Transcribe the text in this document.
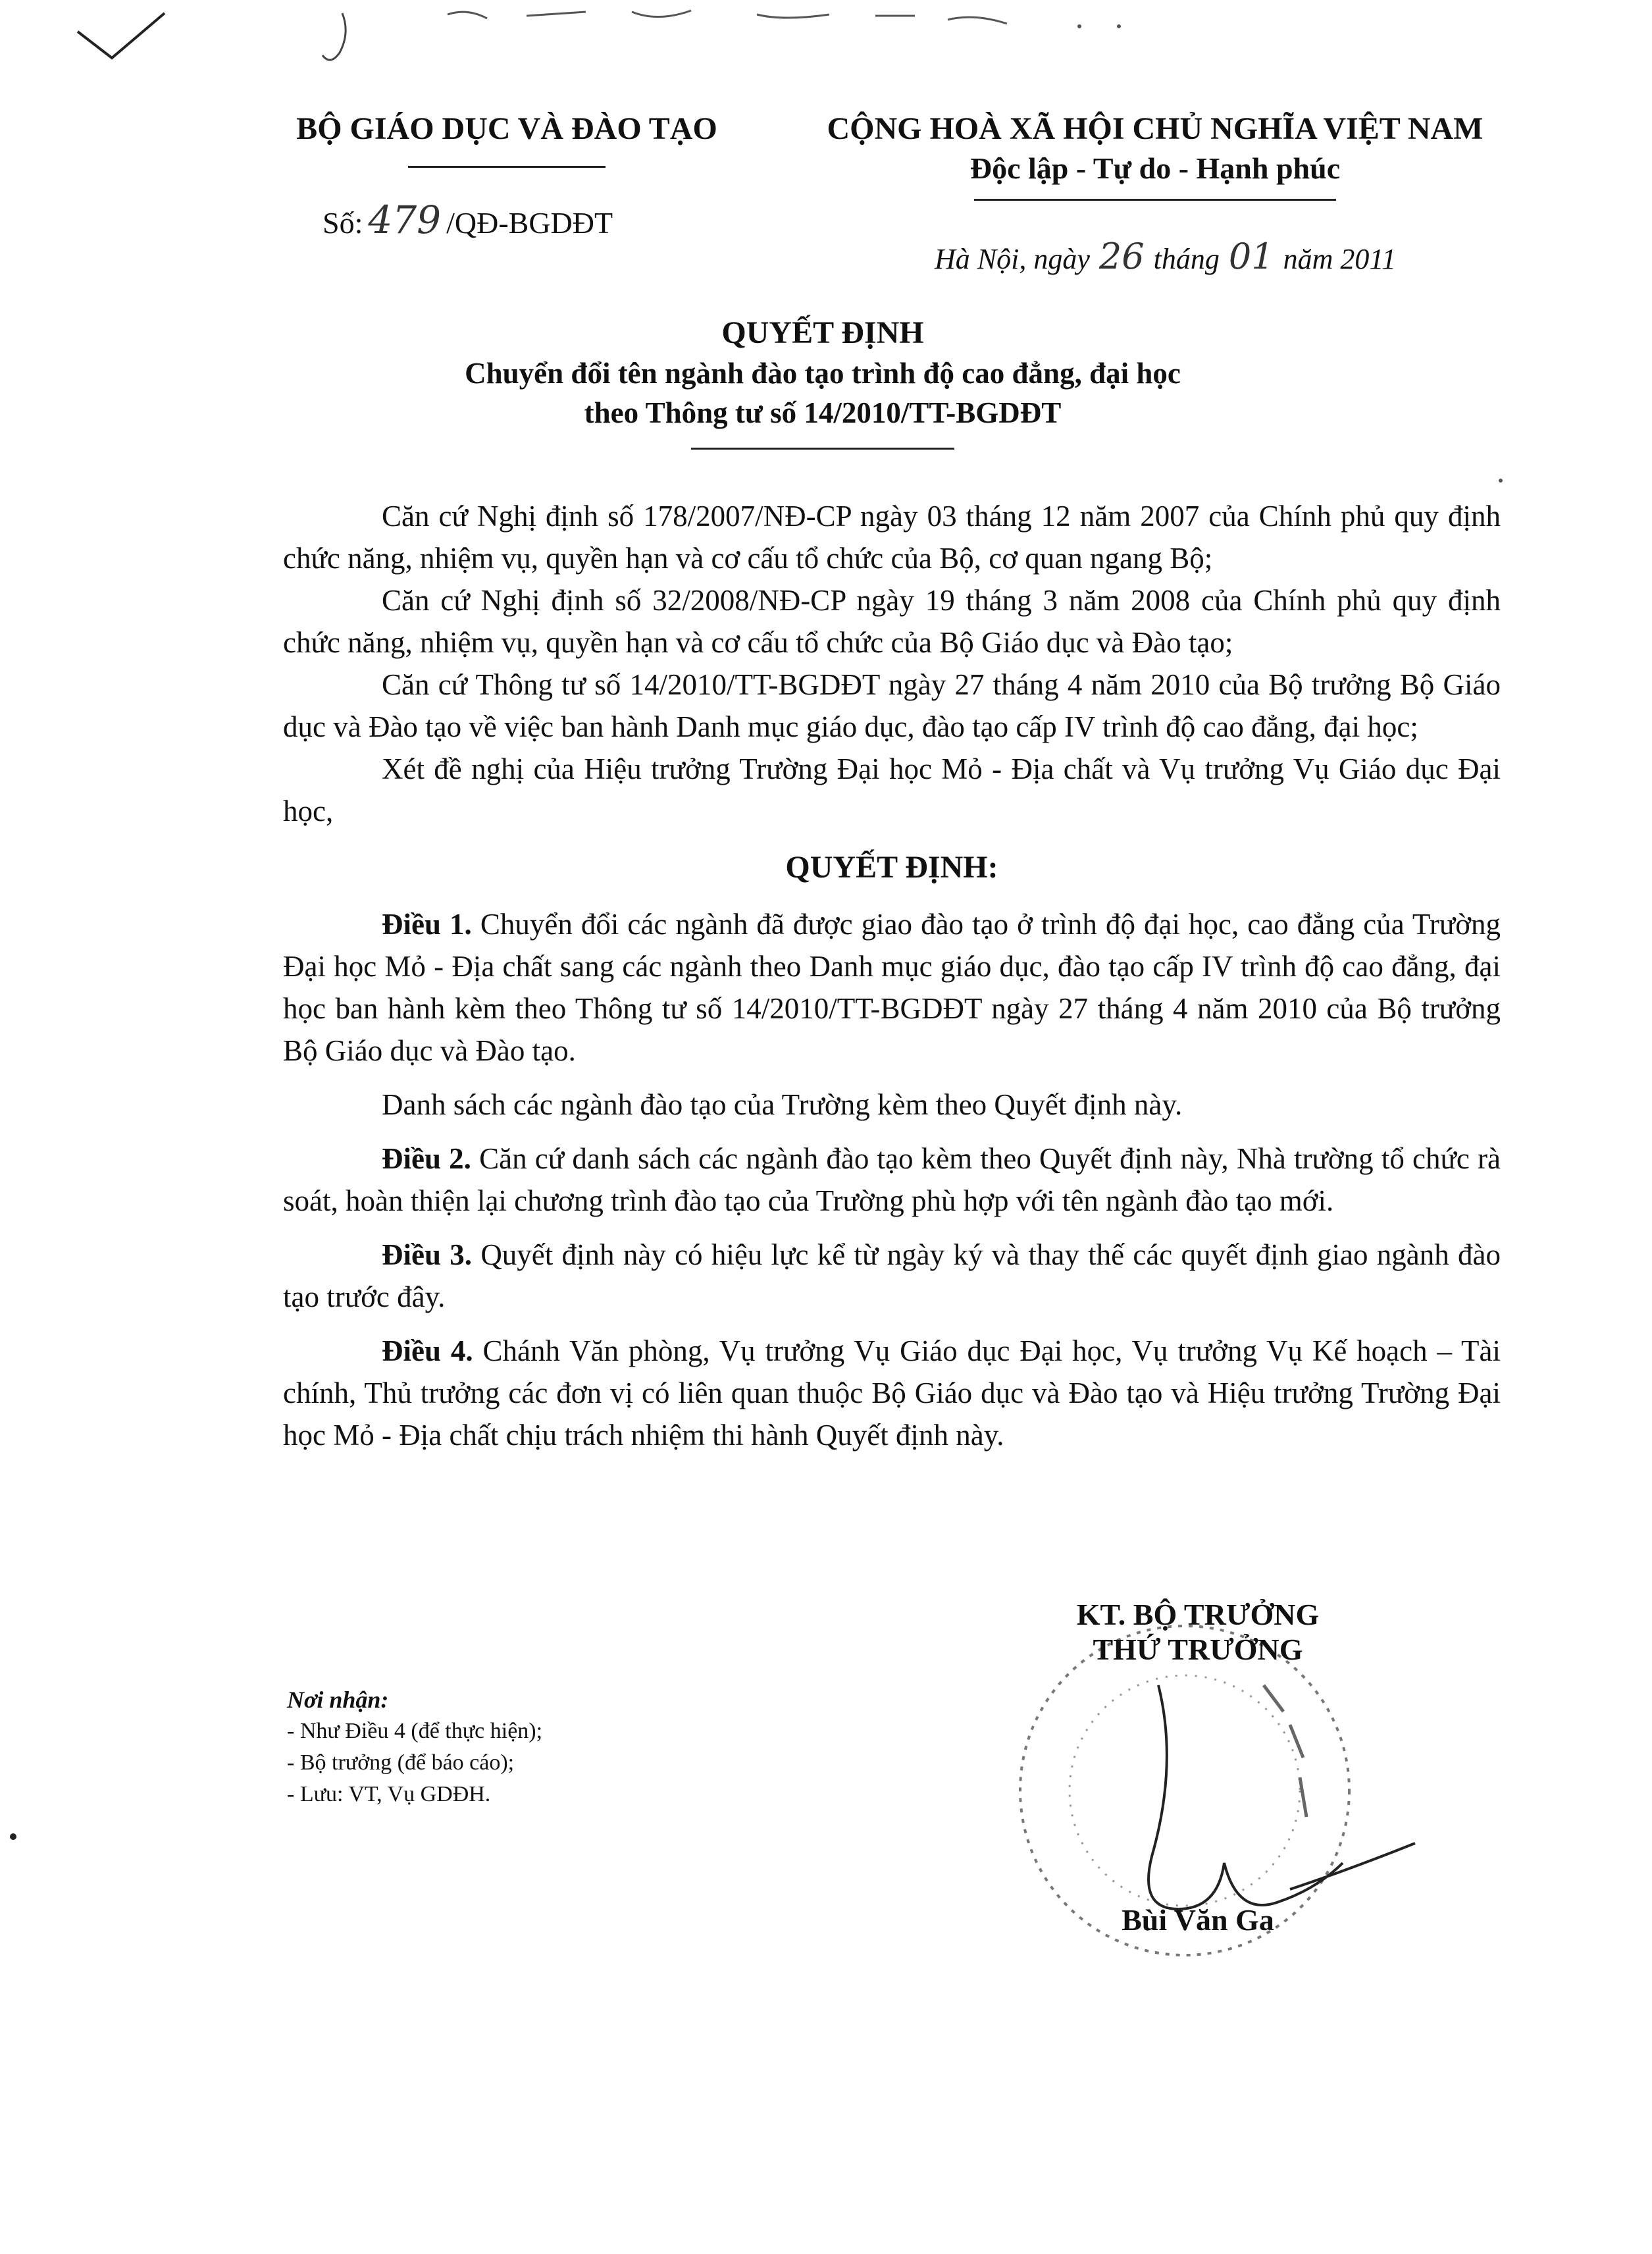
BỘ GIÁO DỤC VÀ ĐÀO TẠO
Số: 479 /QĐ-BGDĐT
CỘNG HOÀ XÃ HỘI CHỦ NGHĨA VIỆT NAM
Độc lập - Tự do - Hạnh phúc
Hà Nội, ngày 26 tháng 01 năm 2011
QUYẾT ĐỊNH
Chuyển đổi tên ngành đào tạo trình độ cao đẳng, đại học
theo Thông tư số 14/2010/TT-BGDĐT

Căn cứ Nghị định số 178/2007/NĐ-CP ngày 03 tháng 12 năm 2007 của Chính phủ quy định chức năng, nhiệm vụ, quyền hạn và cơ cấu tổ chức của Bộ, cơ quan ngang Bộ;

Căn cứ Nghị định số 32/2008/NĐ-CP ngày 19 tháng 3 năm 2008 của Chính phủ quy định chức năng, nhiệm vụ, quyền hạn và cơ cấu tổ chức của Bộ Giáo dục và Đào tạo;

Căn cứ Thông tư số 14/2010/TT-BGDĐT ngày 27 tháng 4 năm 2010 của Bộ trưởng Bộ Giáo dục và Đào tạo về việc ban hành Danh mục giáo dục, đào tạo cấp IV trình độ cao đẳng, đại học;

Xét đề nghị của Hiệu trưởng Trường Đại học Mỏ - Địa chất và Vụ trưởng Vụ Giáo dục Đại học,

QUYẾT ĐỊNH:

Điều 1. Chuyển đổi các ngành đã được giao đào tạo ở trình độ đại học, cao đẳng của Trường Đại học Mỏ - Địa chất sang các ngành theo Danh mục giáo dục, đào tạo cấp IV trình độ cao đẳng, đại học ban hành kèm theo Thông tư số 14/2010/TT-BGDĐT ngày 27 tháng 4 năm 2010 của Bộ trưởng Bộ Giáo dục và Đào tạo.

Danh sách các ngành đào tạo của Trường kèm theo Quyết định này.

Điều 2. Căn cứ danh sách các ngành đào tạo kèm theo Quyết định này, Nhà trường tổ chức rà soát, hoàn thiện lại chương trình đào tạo của Trường phù hợp với tên ngành đào tạo mới.

Điều 3. Quyết định này có hiệu lực kể từ ngày ký và thay thế các quyết định giao ngành đào tạo trước đây.

Điều 4. Chánh Văn phòng, Vụ trưởng Vụ Giáo dục Đại học, Vụ trưởng Vụ Kế hoạch – Tài chính, Thủ trưởng các đơn vị có liên quan thuộc Bộ Giáo dục và Đào tạo và Hiệu trưởng Trường Đại học Mỏ - Địa chất chịu trách nhiệm thi hành Quyết định này.

Nơi nhận:
- Như Điều 4 (để thực hiện);
- Bộ trưởng (để báo cáo);
- Lưu: VT, Vụ GDĐH.
KT. BỘ TRƯỞNG
THỨ TRƯỞNG
Bùi Văn Ga
